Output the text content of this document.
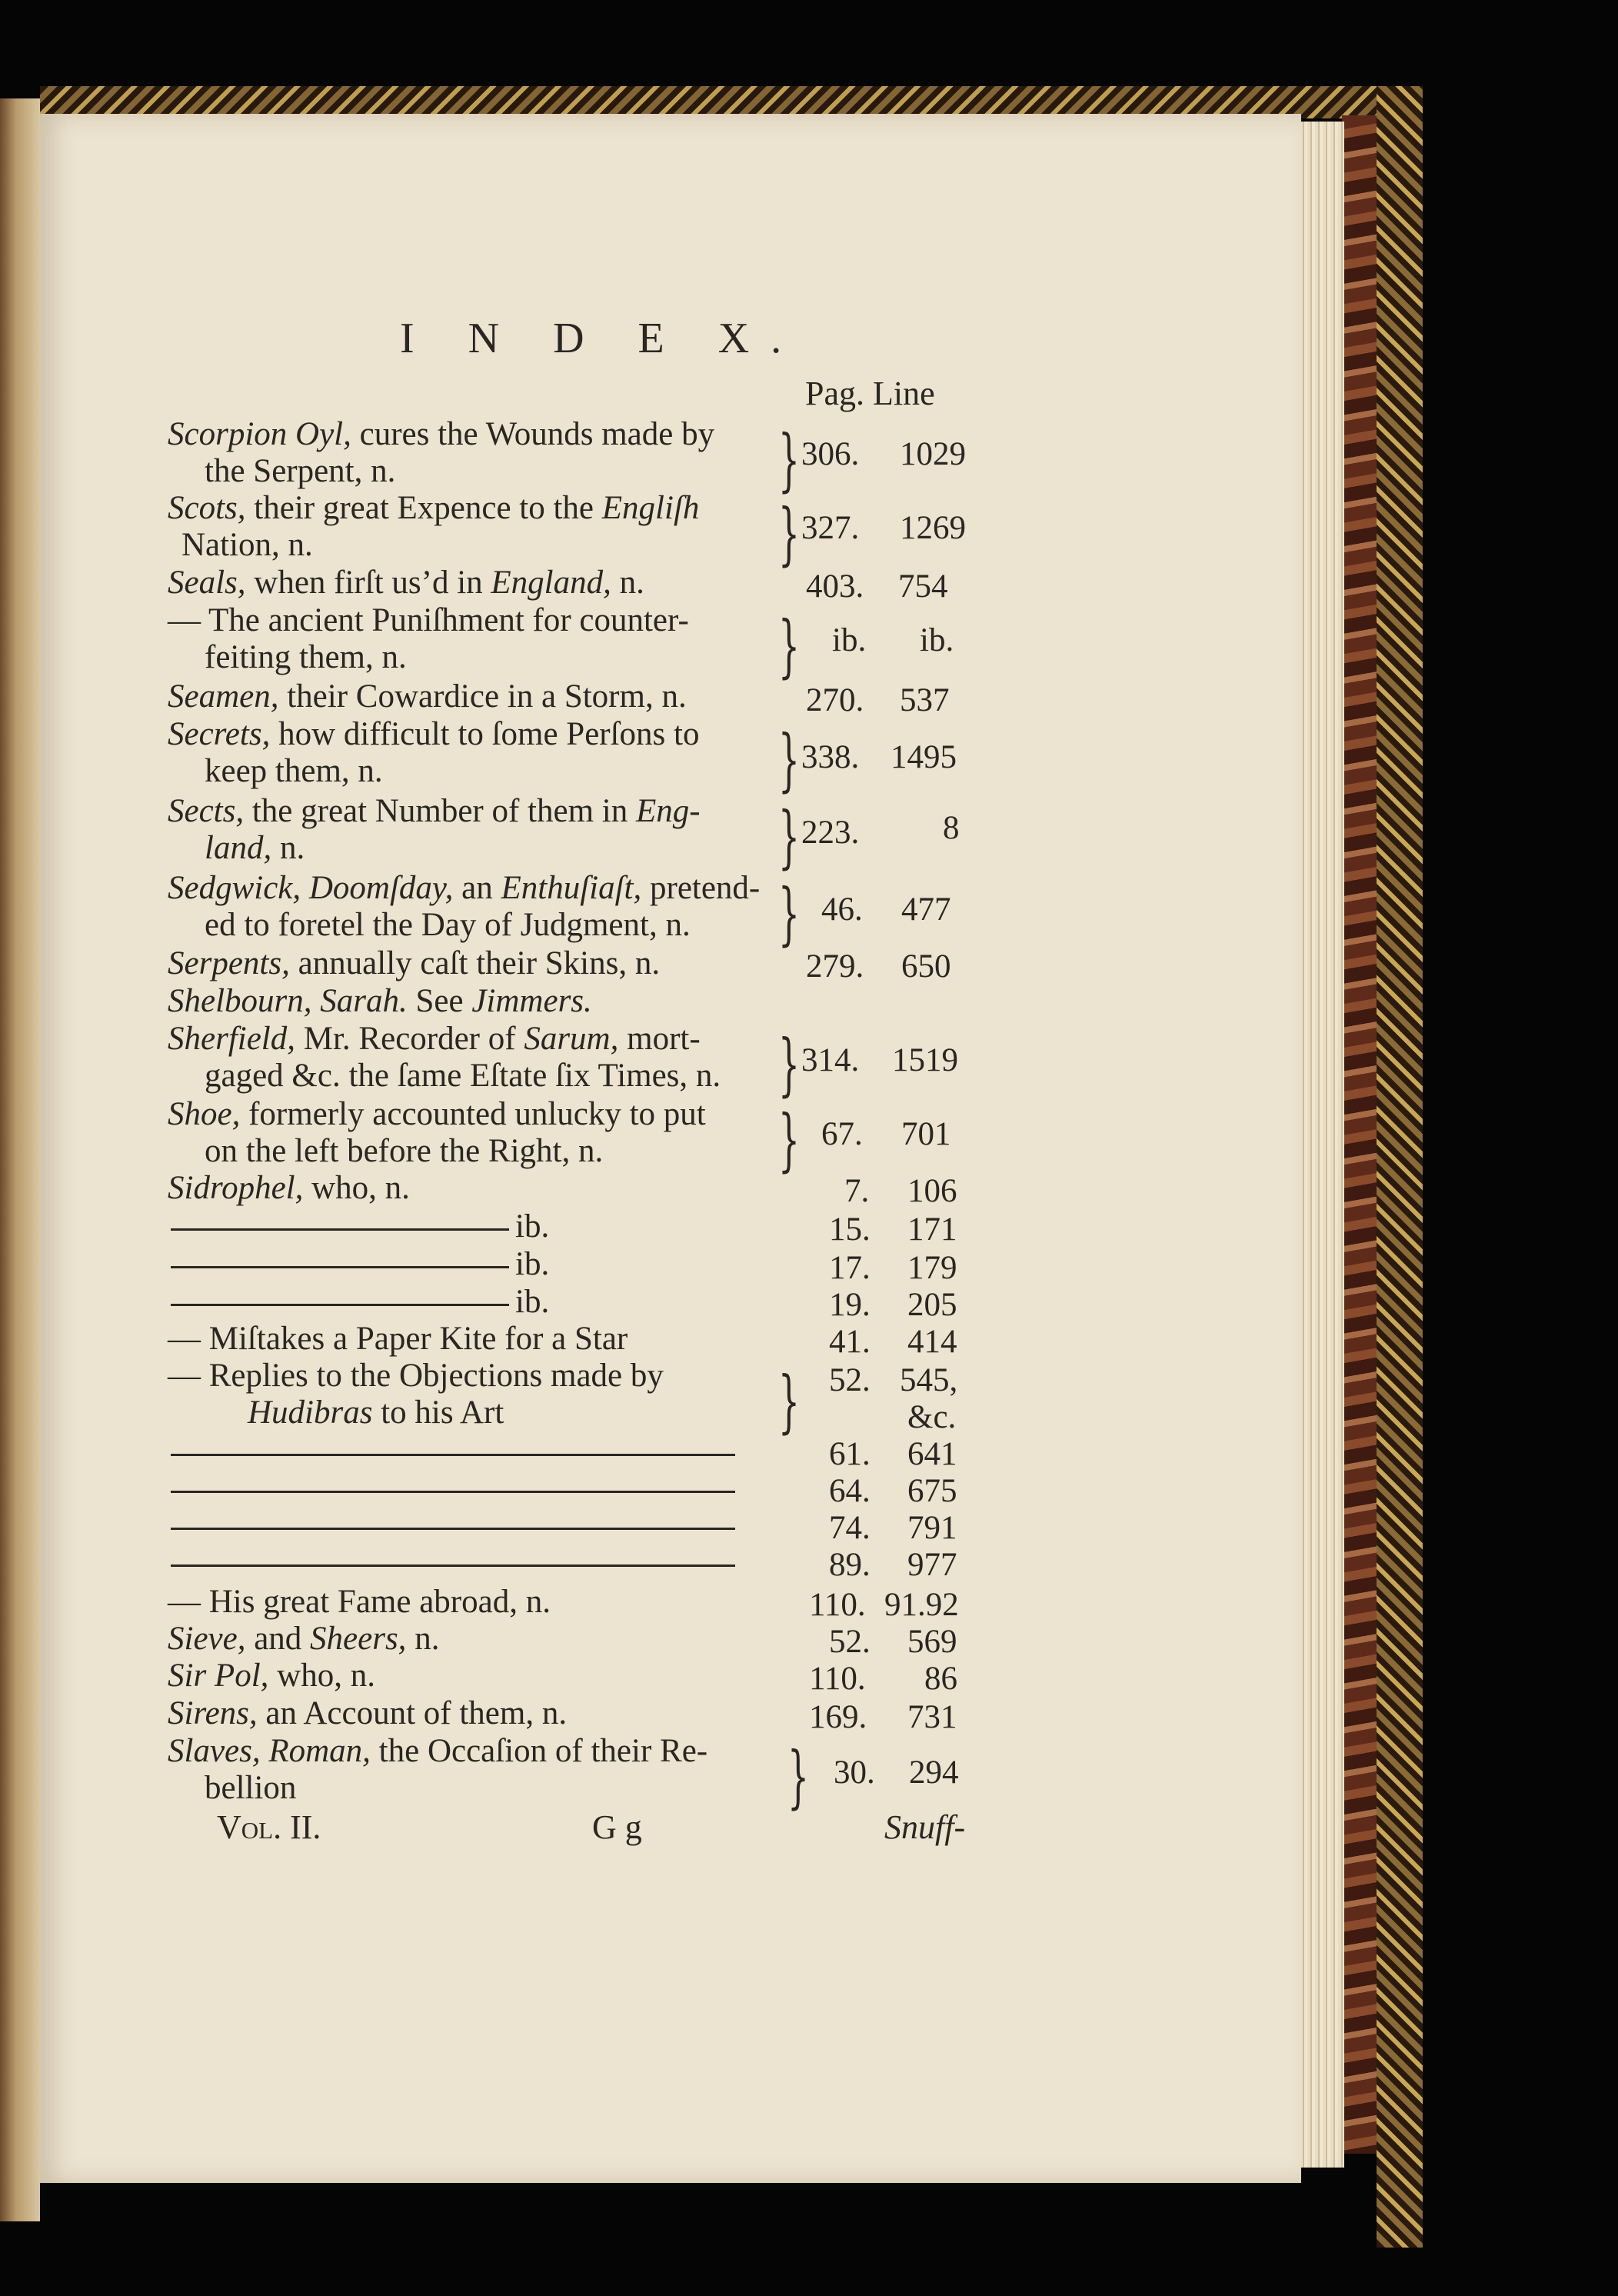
I N D E X.
Pag. Line
Scorpion Oyl, cures the Wounds made by
the Serpent, n.	} 306. 1029
Scots, their great Expence to the Engliſh
Nation, n.	} 327. 1269
Seals, when firſt us’d in England, n.	403. 754
— The ancient Puniſhment for counter-
feiting them, n.	} ib. ib.
Seamen, their Cowardice in a Storm, n.	270. 537
Secrets, how difficult to ſome Perſons to
keep them, n.	} 338. 1495
Sects, the great Number of them in Eng-
land, n.	} 223.	8
Sedgwick, Doomſday, an Enthuſiaſt, pretend-
ed to foretel the Day of Judgment, n.	} 46. 477
Serpents, annually caſt their Skins, n.	279. 650
Shelbourn, Sarah. See Jimmers.
Sherfield, Mr. Recorder of Sarum, mort-
gaged &c. the ſame Eſtate ſix Times, n. } 314. 1519
Shoe, formerly accounted unlucky to put
on the left before the Right, n.	} 67. 701
Sidrophel, who, n.	7. 106
ib.	15. 171
ib.	17. 179
ib.	19. 205
— Miſtakes a Paper Kite for a Star	41. 414
— Replies to the Objections made by
Hudibras to his Art	} 52. 545,
&c.
61. 641
64. 675
74. 791
89. 977
— His great Fame abroad, n.	110. 91.92
Sieve, and Sheers, n.	52. 569
Sir Pol, who, n.	110. 86
Sirens, an Account of them, n.	169. 731
Slaves, Roman, the Occaſion of their Re-
bellion	} 30. 294
Vol. II.	G g	Snuff-
